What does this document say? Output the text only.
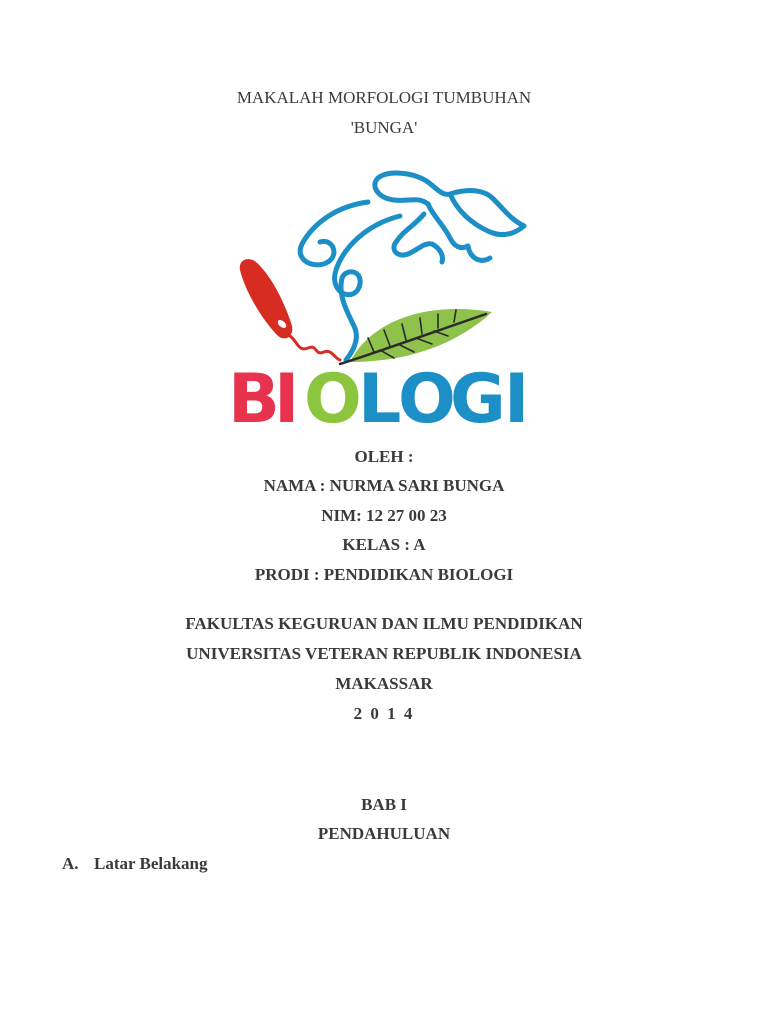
MAKALAH MORFOLOGI TUMBUHAN
'BUNGA'
B
I O
L
O
G
I
OLEH :
NAMA : NURMA SARI BUNGA
NIM: 12 27 00 23
KELAS : A
PRODI : PENDIDIKAN BIOLOGI
FAKULTAS KEGURUAN DAN ILMU PENDIDIKAN
UNIVERSITAS VETERAN REPUBLIK INDONESIA
MAKASSAR
2 0 1 4
BAB I
PENDAHULUAN
A. Latar Belakang
